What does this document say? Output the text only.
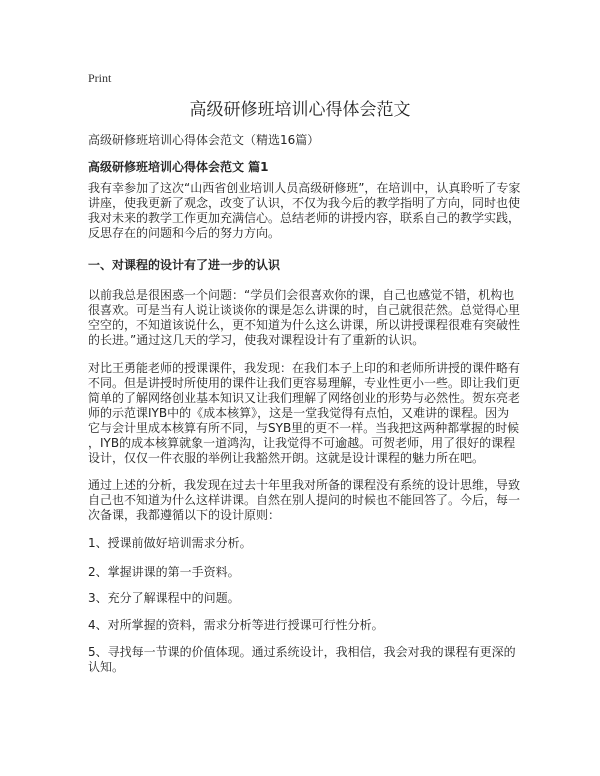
Print
高级研修班培训心得体会范文
高级研修班培训心得体会范文（精选16篇）
高级研修班培训心得体会范文 篇1
我有幸参加了这次“山西省创业培训人员高级研修班”，在培训中，认真聆听了专家
讲座，使我更新了观念，改变了认识，不仅为我今后的教学指明了方向，同时也使
我对未来的教学工作更加充满信心。总结老师的讲授内容，联系自己的教学实践，
反思存在的问题和今后的努力方向。
一、对课程的设计有了进一步的认识
以前我总是很困惑一个问题：“学员们会很喜欢你的课，自己也感觉不错，机构也
很喜欢。可是当有人说让谈谈你的课是怎么讲课的时，自己就很茫然。总觉得心里
空空的，不知道该说什么，更不知道为什么这么讲课，所以讲授课程很难有突破性
的长进。”通过这几天的学习，使我对课程设计有了重新的认识。
对比王勇能老师的授课课件，我发现：在我们本子上印的和老师所讲授的课件略有
不同。但是讲授时所使用的课件让我们更容易理解，专业性更小一些。即让我们更
简单的了解网络创业基本知识又让我们理解了网络创业的形势与必然性。贺东亮老
师的示范课IYB中的《成本核算》，这是一堂我觉得有点怕，又难讲的课程。因为
它与会计里成本核算有所不同，与SYB里的更不一样。当我把这两种都掌握的时候
，IYB的成本核算就象一道鸿沟，让我觉得不可逾越。可贺老师，用了很好的课程
设计，仅仅一件衣服的举例让我豁然开朗。这就是设计课程的魅力所在吧。
通过上述的分析，我发现在过去十年里我对所备的课程没有系统的设计思维，导致
自己也不知道为什么这样讲课。自然在别人提问的时候也不能回答了。今后，每一
次备课，我都遵循以下的设计原则：
1、授课前做好培训需求分析。
2、掌握讲课的第一手资料。
3、充分了解课程中的问题。
4、对所掌握的资料，需求分析等进行授课可行性分析。
5、寻找每一节课的价值体现。通过系统设计，我相信，我会对我的课程有更深的
认知。
